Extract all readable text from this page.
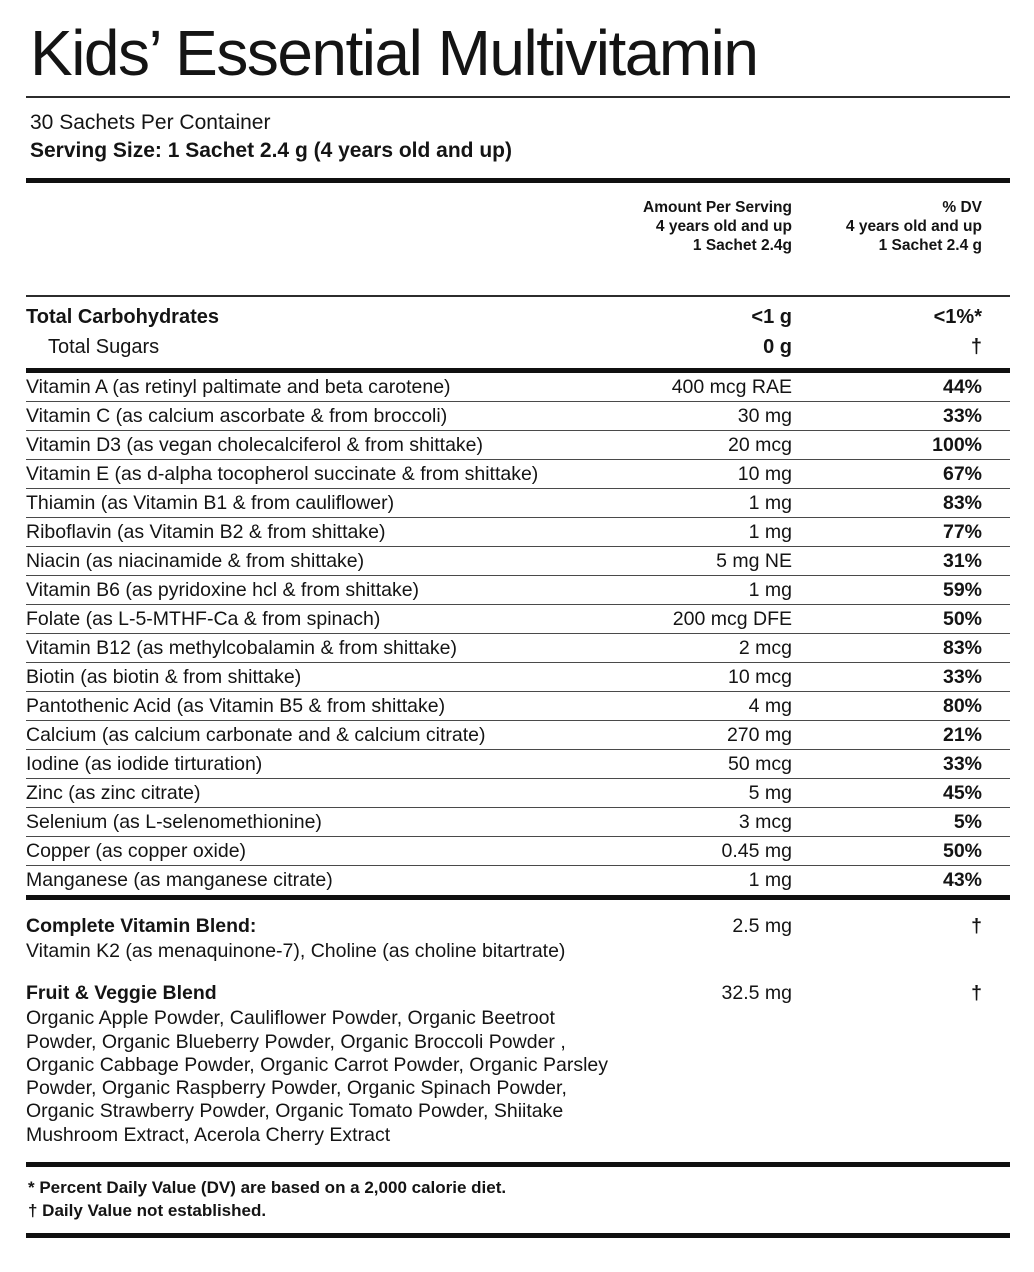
Kids’ Essential Multivitamin
30 Sachets Per Container
Serving Size: 1 Sachet 2.4 g (4 years old and up)
Amount Per Serving
4 years old and up
1 Sachet 2.4g
% DV
4 years old and up
1 Sachet 2.4 g
Total Carbohydrates	<1 g	<1%*
Total Sugars	0 g	†
Vitamin A (as retinyl paltimate and beta carotene)	400 mcg RAE	44%
Vitamin C (as calcium ascorbate & from broccoli)	30 mg	33%
Vitamin D3 (as vegan cholecalciferol & from shittake)	20 mcg	100%
Vitamin E (as d-alpha tocopherol succinate & from shittake)	10 mg	67%
Thiamin (as Vitamin B1 & from cauliflower)	1 mg	83%
Riboflavin (as Vitamin B2 & from shittake)	1 mg	77%
Niacin (as niacinamide & from shittake)	5 mg NE	31%
Vitamin B6 (as pyridoxine hcl & from shittake)	1 mg	59%
Folate (as L-5-MTHF-Ca & from spinach)	200 mcg DFE	50%
Vitamin B12 (as methylcobalamin & from shittake)	2 mcg	83%
Biotin (as biotin & from shittake)	10 mcg	33%
Pantothenic Acid (as Vitamin B5 & from shittake)	4 mg	80%
Calcium (as calcium carbonate and & calcium citrate)	270 mg	21%
Iodine (as iodide tirturation)	50 mcg	33%
Zinc (as zinc citrate)	5 mg	45%
Selenium (as L-selenomethionine)	3 mcg	5%
Copper (as copper oxide)	0.45 mg	50%
Manganese (as manganese citrate)	1 mg	43%
Complete Vitamin Blend:	2.5 mg	†
Vitamin K2 (as menaquinone-7), Choline (as choline bitartrate)
Fruit & Veggie Blend	32.5 mg	†
Organic Apple Powder, Cauliflower Powder, Organic Beetroot Powder, Organic Blueberry Powder, Organic Broccoli Powder , Organic Cabbage Powder, Organic Carrot Powder, Organic Parsley Powder, Organic Raspberry Powder, Organic Spinach Powder, Organic Strawberry Powder, Organic Tomato Powder, Shiitake Mushroom Extract, Acerola Cherry Extract
* Percent Daily Value (DV) are based on a 2,000 calorie diet.
† Daily Value not established.
